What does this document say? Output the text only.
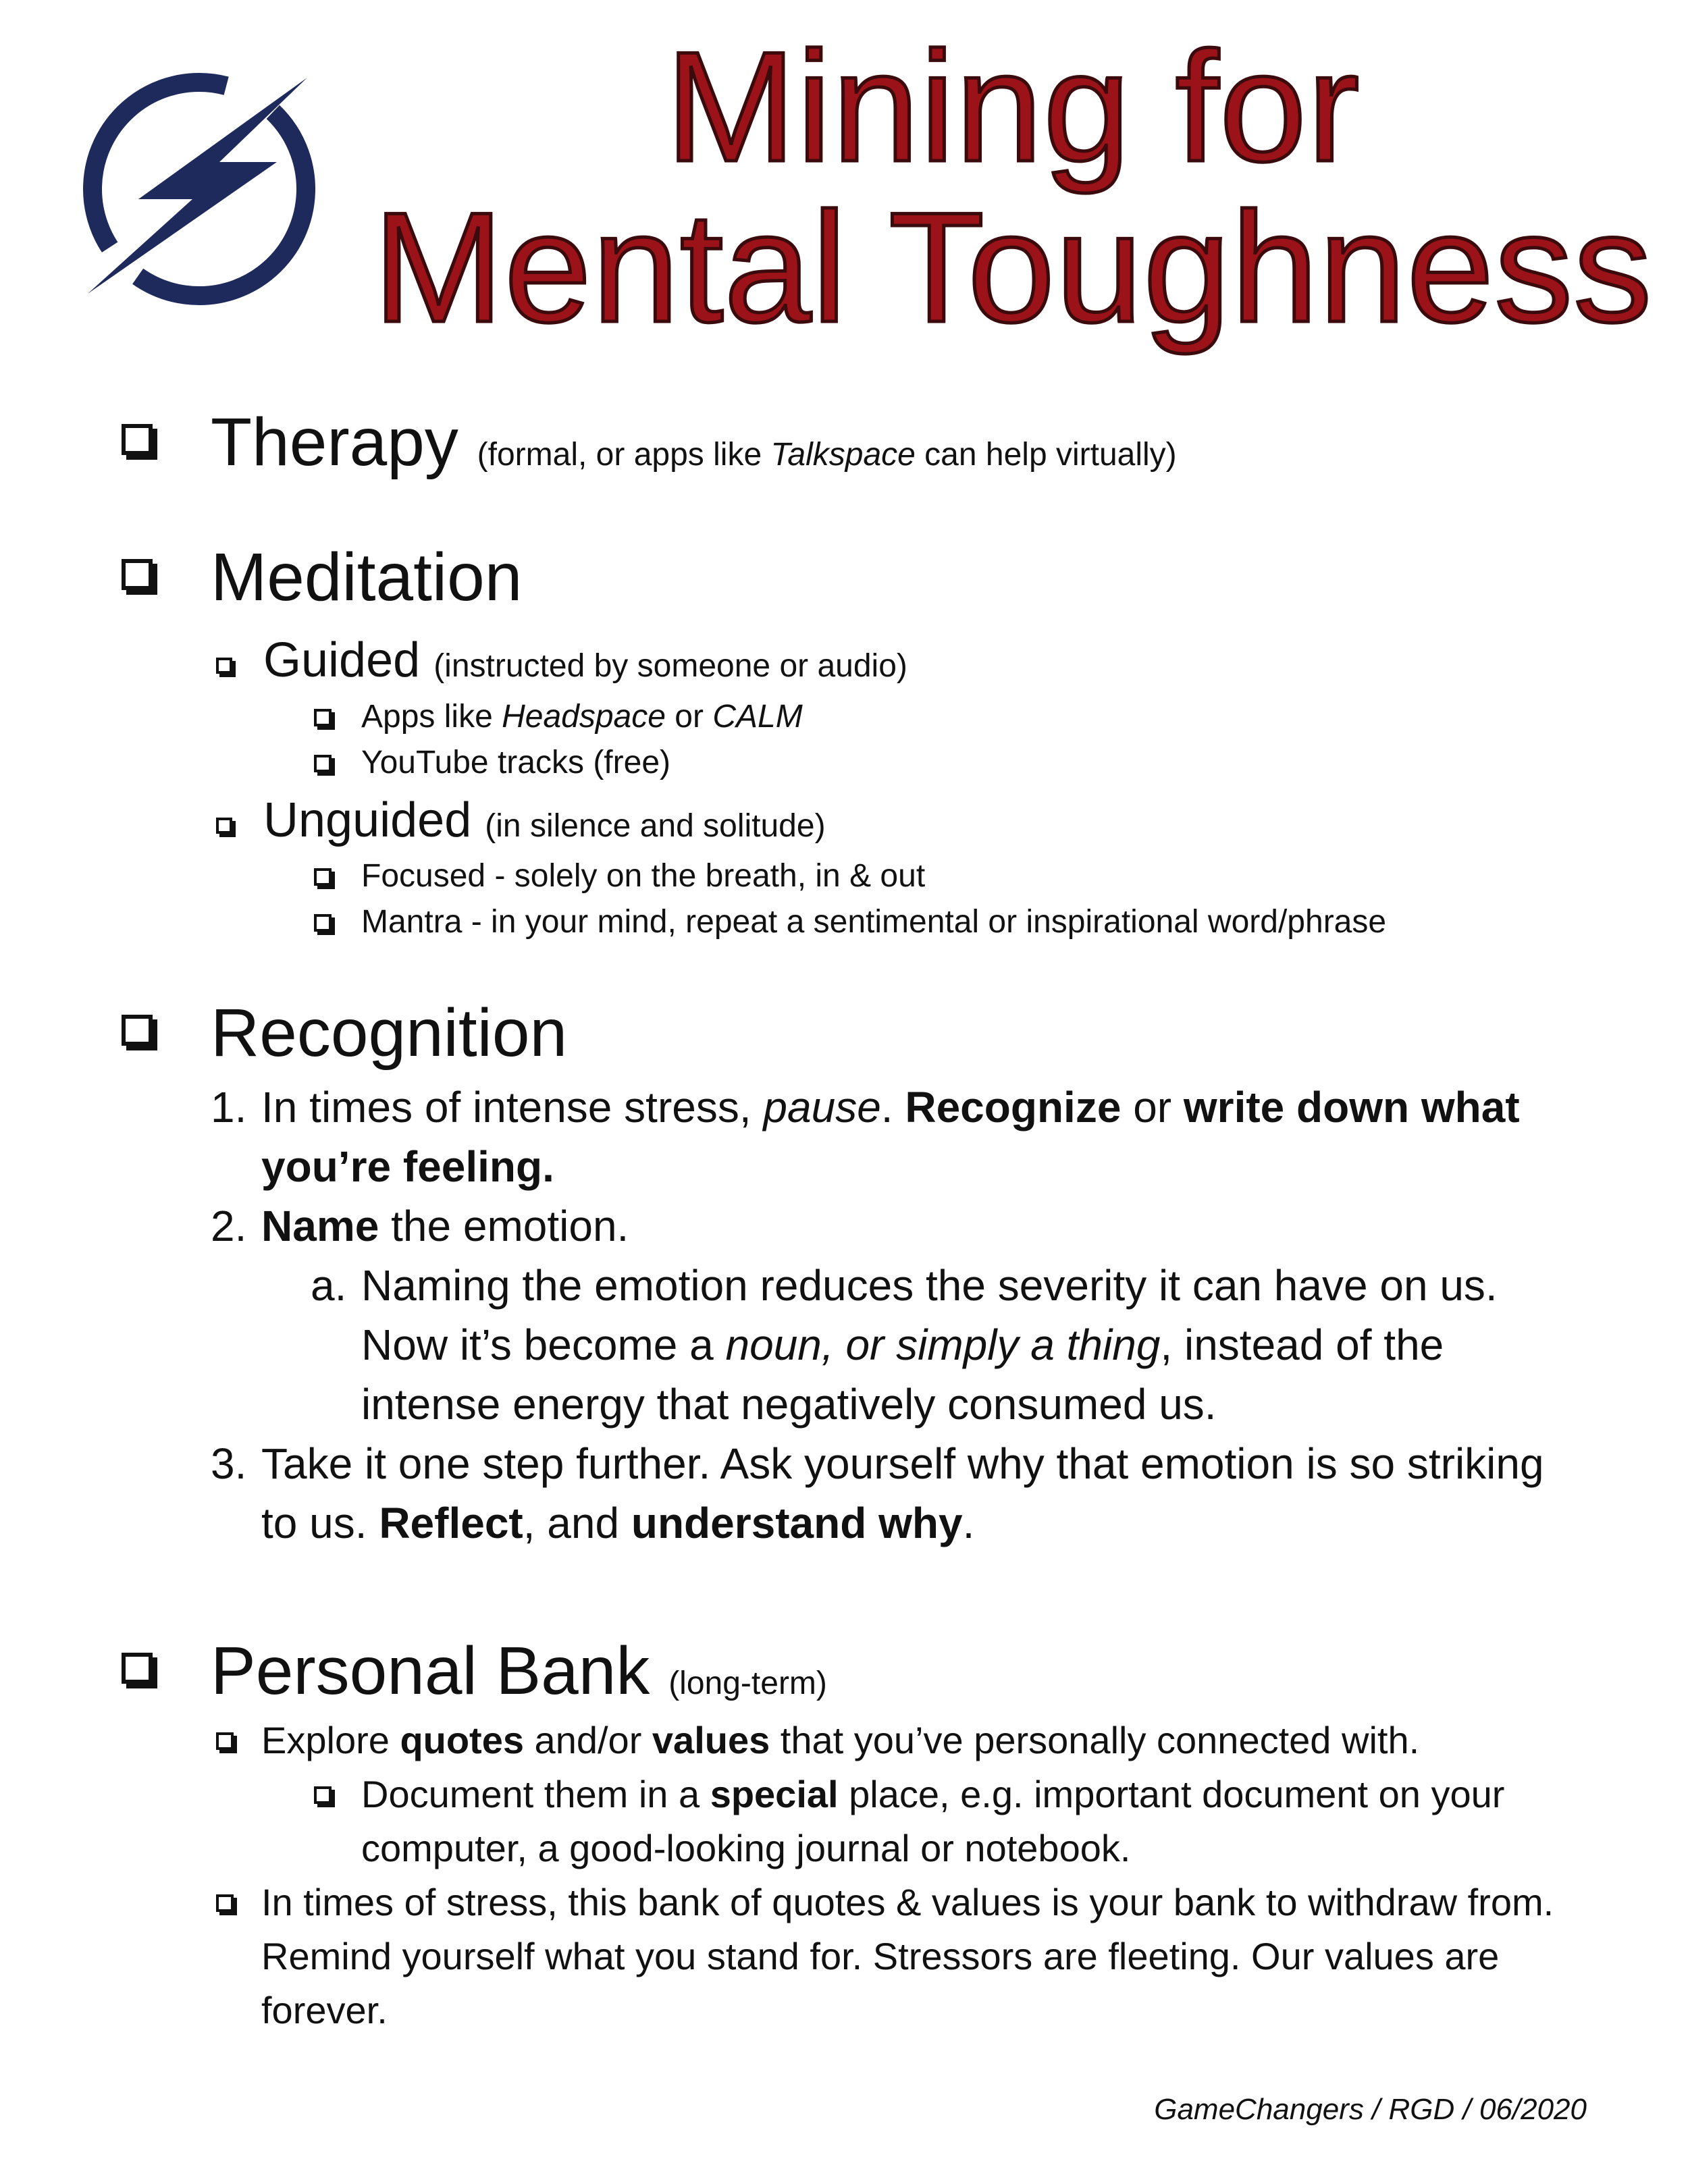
Mining for
Mental Toughness
Therapy (formal, or apps like Talkspace can help virtually)
Meditation
Guided (instructed by someone or audio)
Apps like Headspace or CALM
YouTube tracks (free)
Unguided (in silence and solitude)
Focused - solely on the breath, in & out
Mantra - in your mind, repeat a sentimental or inspirational word/phrase
Recognition
1. In times of intense stress, pause. Recognize or write down what
you’re feeling.
2. Name the emotion.
a. Naming the emotion reduces the severity it can have on us.
Now it’s become a noun, or simply a thing, instead of the
intense energy that negatively consumed us.
3. Take it one step further. Ask yourself why that emotion is so striking
to us. Reflect, and understand why.
Personal Bank (long-term)
Explore quotes and/or values that you’ve personally connected with.
Document them in a special place, e.g. important document on your
computer, a good-looking journal or notebook.
In times of stress, this bank of quotes & values is your bank to withdraw from.
Remind yourself what you stand for. Stressors are fleeting. Our values are
forever.
GameChangers / RGD / 06/2020
